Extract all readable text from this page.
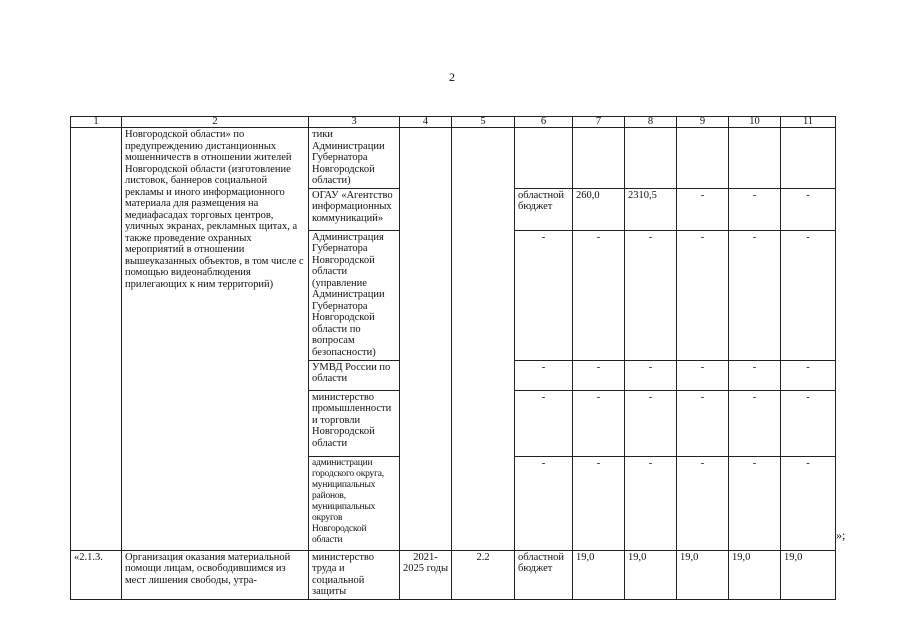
2
1	2	3	4	5	6	7	8	9	10	11
	Новгородской области» по предупреждению дистанционных мошенничеств в отношении жителей Новгородской области (изготовление листовок, баннеров социальной рекламы и иного информационного материала для размещения на медиафасадах торговых центров, уличных экранах, рекламных щитах, а также проведение охранных мероприятий в отношении вышеуказанных объектов, в том числе с помощью видеонаблюдения прилегающих к ним территорий)	тики Администрации Губернатора Новгородской области)								
		ОГАУ «Агентство информационных коммуникаций»			областной бюджет	260,0	2310,5	-	-	-
		Администрация Губернатора Новгородской области (управление Администрации Губернатора Новгородской области по вопросам безопасности)			-	-	-	-	-	-
		УМВД России по области			-	-	-	-	-	-
		министерство промышленности и торговли Новгородской области			-	-	-	-	-	-
		администрации городского округа, муниципальных районов, муниципальных округов Новгородской области			-	-	-	-	-	-
«2.1.3.	Организация оказания материальной помощи лицам, освободившимся из мест лишения свободы, утра-	министерство труда и социальной защиты	2021-2025 годы	2.2	областной бюджет	19,0	19,0	19,0	19,0	19,0
»;
